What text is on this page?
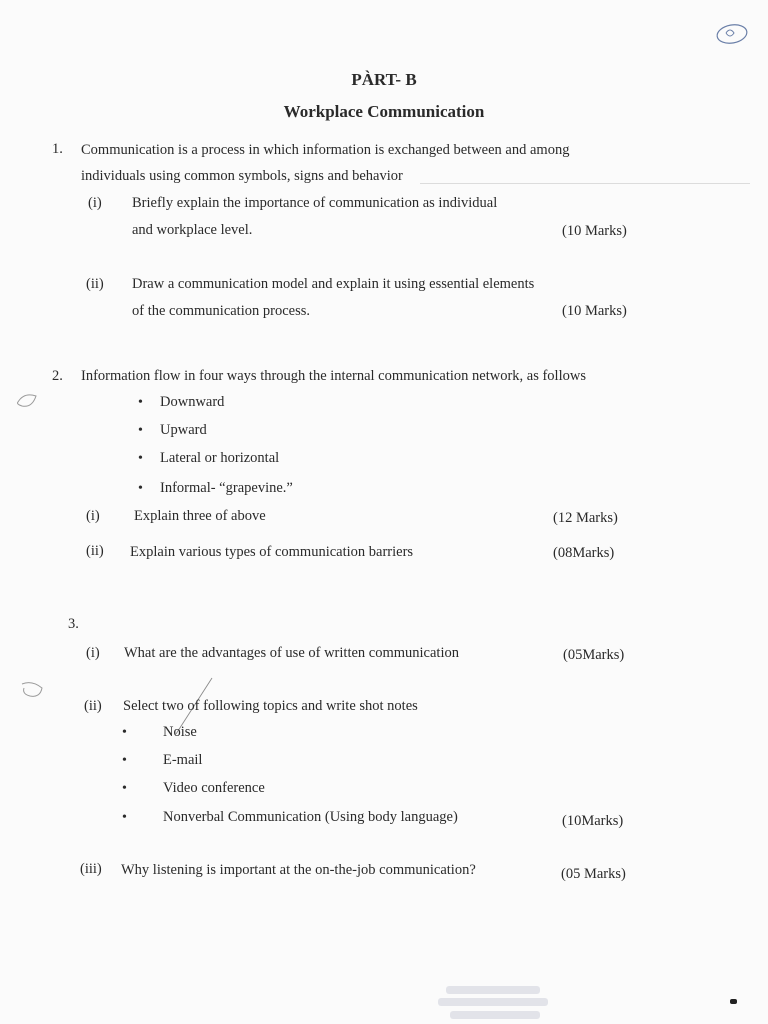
PÀRT- B
Workplace Communication
1. Communication is a process in which information is exchanged between and among
individuals using common symbols, signs and behavior
(i) Briefly explain the importance of communication as individual
and workplace level.	(10 Marks)
(ii) Draw a communication model and explain it using essential elements
of the communication process.	(10 Marks)
2. Information flow in four ways through the internal communication network, as follows
• Downward
• Upward
• Lateral or horizontal
• Informal- “grapevine.”
(i) Explain three of above	(12 Marks)
(ii) Explain various types of communication barriers	(08Marks)
3.
(i) What are the advantages of use of written communication	(05Marks)
(ii) Select two of following topics and write shot notes
• Noise
• E-mail
• Video conference
• Nonverbal Communication (Using body language)	(10Marks)
(iii) Why listening is important at the on-the-job communication?	(05 Marks)
